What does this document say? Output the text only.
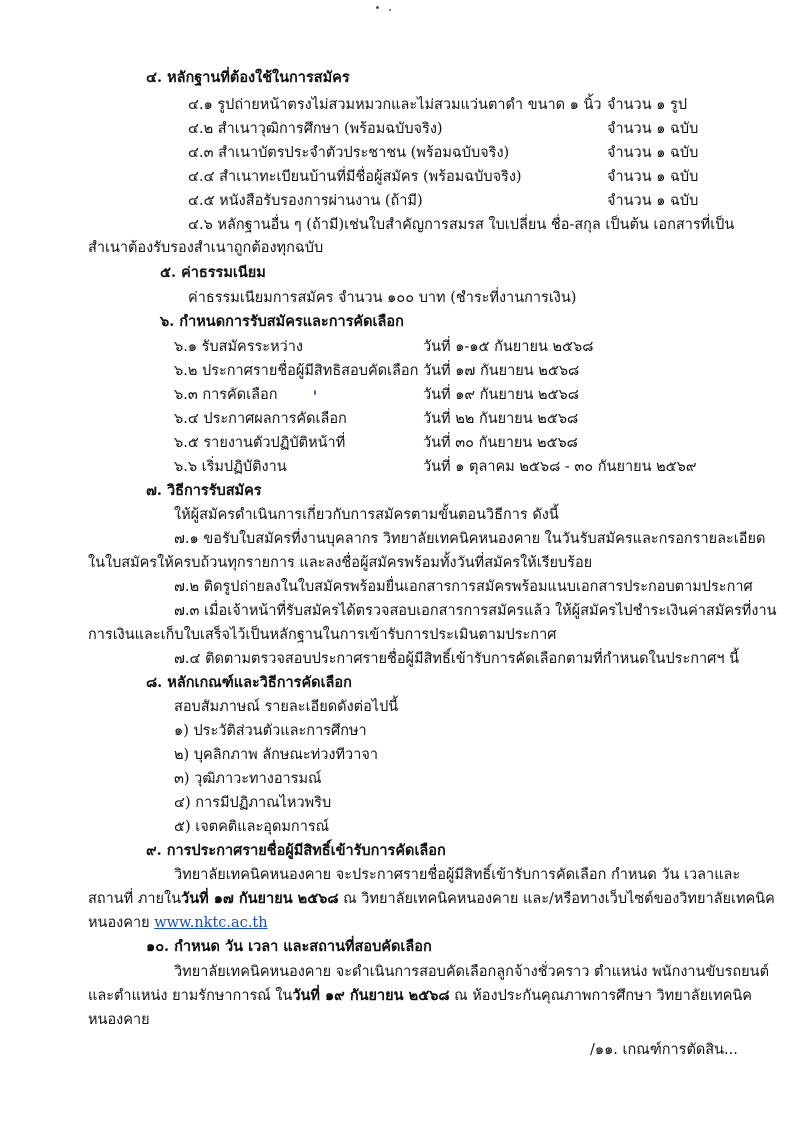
๔. หลักฐานที่ต้องใช้ในการสมัคร
๔.๑ รูปถ่ายหน้าตรงไม่สวมหมวกและไม่สวมแว่นตาดำ ขนาด ๑ นิ้ว จำนวน ๑ รูป
๔.๒ สำเนาวุฒิการศึกษา (พร้อมฉบับจริง)	จำนวน ๑ ฉบับ
๔.๓ สำเนาบัตรประจำตัวประชาชน (พร้อมฉบับจริง)	จำนวน ๑ ฉบับ
๔.๔ สำเนาทะเบียนบ้านที่มีชื่อผู้สมัคร (พร้อมฉบับจริง)	จำนวน ๑ ฉบับ
๔.๕ หนังสือรับรองการผ่านงาน (ถ้ามี)	จำนวน ๑ ฉบับ
๔.๖ หลักฐานอื่น ๆ (ถ้ามี)เช่นใบสำคัญการสมรส ใบเปลี่ยน ชื่อ-สกุล เป็นต้น เอกสารที่เป็น
สำเนาต้องรับรองสำเนาถูกต้องทุกฉบับ
๕. ค่าธรรมเนียม
ค่าธรรมเนียมการสมัคร จำนวน ๑๐๐ บาท (ชำระที่งานการเงิน)
๖. กำหนดการรับสมัครและการคัดเลือก
๖.๑ รับสมัครระหว่าง	วันที่ ๑-๑๕ กันยายน ๒๕๖๘
๖.๒ ประกาศรายชื่อผู้มีสิทธิสอบคัดเลือก วันที่ ๑๗ กันยายน ๒๕๖๘
๖.๓ การคัดเลือก	วันที่ ๑๙ กันยายน ๒๕๖๘
๖.๔ ประกาศผลการคัดเลือก	วันที่ ๒๒ กันยายน ๒๕๖๘
๖.๕ รายงานตัวปฏิบัติหน้าที่	วันที่ ๓๐ กันยายน ๒๕๖๘
๖.๖ เริ่มปฏิบัติงาน	วันที่ ๑ ตุลาคม ๒๕๖๘ - ๓๐ กันยายน ๒๕๖๙
๗. วิธีการรับสมัคร
ให้ผู้สมัครดำเนินการเกี่ยวกับการสมัครตามขั้นตอนวิธีการ ดังนี้
๗.๑ ขอรับใบสมัครที่งานบุคลากร วิทยาลัยเทคนิคหนองคาย ในวันรับสมัครและกรอกรายละเอียด
ในใบสมัครให้ครบถ้วนทุกรายการ และลงชื่อผู้สมัครพร้อมทั้งวันที่สมัครให้เรียบร้อย
๗.๒ ติดรูปถ่ายลงในใบสมัครพร้อมยื่นเอกสารการสมัครพร้อมแนบเอกสารประกอบตามประกาศ
๗.๓ เมื่อเจ้าหน้าที่รับสมัครได้ตรวจสอบเอกสารการสมัครแล้ว ให้ผู้สมัครไปชำระเงินค่าสมัครที่งาน
การเงินและเก็บใบเสร็จไว้เป็นหลักฐานในการเข้ารับการประเมินตามประกาศ
๗.๔ ติดตามตรวจสอบประกาศรายชื่อผู้มีสิทธิ์เข้ารับการคัดเลือกตามที่กำหนดในประกาศฯ นี้
๘. หลักเกณฑ์และวิธีการคัดเลือก
สอบสัมภาษณ์ รายละเอียดดังต่อไปนี้
๑) ประวัติส่วนตัวและการศึกษา
๒) บุคลิกภาพ ลักษณะท่วงทีวาจา
๓) วุฒิภาวะทางอารมณ์
๔) การมีปฏิภาณไหวพริบ
๕) เจตคติและอุดมการณ์
๙. การประกาศรายชื่อผู้มีสิทธิ์เข้ารับการคัดเลือก
วิทยาลัยเทคนิคหนองคาย จะประกาศรายชื่อผู้มีสิทธิ์เข้ารับการคัดเลือก กำหนด วัน เวลาและ
สถานที่ ภายในวันที่ ๑๗ กันยายน ๒๕๖๘ ณ วิทยาลัยเทคนิคหนองคาย และ/หรือทางเว็บไซต์ของวิทยาลัยเทคนิค
หนองคาย www.nktc.ac.th
๑๐. กำหนด วัน เวลา และสถานที่สอบคัดเลือก
วิทยาลัยเทคนิคหนองคาย จะดำเนินการสอบคัดเลือกลูกจ้างชั่วคราว ตำแหน่ง พนักงานขับรถยนต์
และตำแหน่ง ยามรักษาการณ์ ในวันที่ ๑๙ กันยายน ๒๕๖๘ ณ ห้องประกันคุณภาพการศึกษา วิทยาลัยเทคนิค
หนองคาย
/๑๑. เกณฑ์การตัดสิน...
